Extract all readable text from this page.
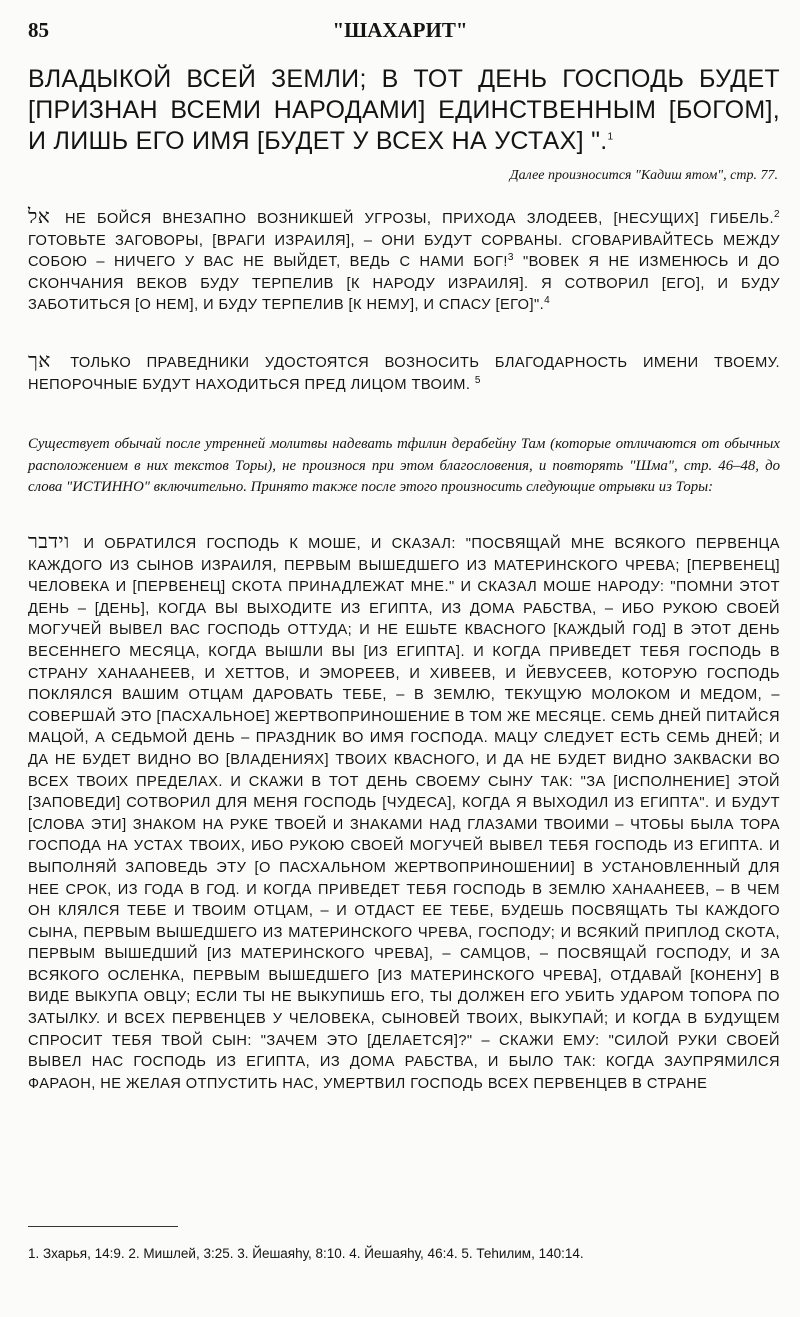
85	"ШАХАРИТ"

ВЛАДЫКОЙ ВСЕЙ ЗЕМЛИ; В ТОТ ДЕНЬ ГОСПОДЬ БУДЕТ [ПРИЗНАН ВСЕМИ НАРОДАМИ] ЕДИНСТВЕННЫМ [БОГОМ], И ЛИШЬ ЕГО ИМЯ [БУДЕТ У ВСЕХ НА УСТАХ] ".$^1$

Далее произносится "Кадиш ятом", стр. 77.

אל НЕ БОЙСЯ ВНЕЗАПНО ВОЗНИКШЕЙ УГРОЗЫ, ПРИХОДА ЗЛОДЕЕВ, [НЕСУЩИХ] ГИБЕЛЬ.$^2$ ГОТОВЬТЕ ЗАГОВОРЫ, [ВРАГИ ИЗРАИЛЯ], – ОНИ БУДУТ СОРВАНЫ. СГОВАРИВАЙТЕСЬ МЕЖДУ СОБОЮ – НИЧЕГО У ВАС НЕ ВЫЙДЕТ, ВЕДЬ С НАМИ БОГ!$^3$ "ВОВЕК Я НЕ ИЗМЕНЮСЬ И ДО СКОНЧАНИЯ ВЕКОВ БУДУ ТЕРПЕЛИВ [К НАРОДУ ИЗРАИЛЯ]. Я СОТВОРИЛ [ЕГО], И БУДУ ЗАБОТИТЬСЯ [О НЕМ], И БУДУ ТЕРПЕЛИВ [К НЕМУ], И СПАСУ [ЕГО]".$^4$

אך ТОЛЬКО ПРАВЕДНИКИ УДОСТОЯТСЯ ВОЗНОСИТЬ БЛАГОДАРНОСТЬ ИМЕНИ ТВОЕМУ. НЕПОРОЧНЫЕ БУДУТ НАХОДИТЬСЯ ПРЕД ЛИЦОМ ТВОИМ. $^5$

Существует обычай после утренней молитвы надевать тфилин дерабейну Там (которые отличаются от обычных расположением в них текстов Торы), не произнося при этом благословения, и повторять "Шма", стр. 46–48, до слова "ИСТИННО" включительно. Принято также после этого произносить следующие отрывки из Торы:

וידבר И ОБРАТИЛСЯ ГОСПОДЬ К МОШЕ, И СКАЗАЛ: "ПОСВЯЩАЙ МНЕ ВСЯКОГО ПЕРВЕНЦА КАЖДОГО ИЗ СЫНОВ ИЗРАИЛЯ, ПЕРВЫМ ВЫШЕДШЕГО ИЗ МАТЕРИНСКОГО ЧРЕВА; [ПЕРВЕНЕЦ] ЧЕЛОВЕКА И [ПЕРВЕНЕЦ] СКОТА ПРИНАДЛЕЖАТ МНЕ." И СКАЗАЛ МОШЕ НАРОДУ: "ПОМНИ ЭТОТ ДЕНЬ – [ДЕНЬ], КОГДА ВЫ ВЫХОДИТЕ ИЗ ЕГИПТА, ИЗ ДОМА РАБСТВА, – ИБО РУКОЮ СВОЕЙ МОГУЧЕЙ ВЫВЕЛ ВАС ГОСПОДЬ ОТТУДА; И НЕ ЕШЬТЕ КВАСНОГО [КАЖДЫЙ ГОД] В ЭТОТ ДЕНЬ ВЕСЕННЕГО МЕСЯЦА, КОГДА ВЫШЛИ ВЫ [ИЗ ЕГИПТА]. И КОГДА ПРИВЕДЕТ ТЕБЯ ГОСПОДЬ В СТРАНУ ХАНААНЕЕВ, И ХЕТТОВ, И ЭМОРЕЕВ, И ХИВЕЕВ, И ЙЕВУСЕЕВ, КОТОРУЮ ГОСПОДЬ ПОКЛЯЛСЯ ВАШИМ ОТЦАМ ДАРОВАТЬ ТЕБЕ, – В ЗЕМЛЮ, ТЕКУЩУЮ МОЛОКОМ И МЕДОМ, – СОВЕРШАЙ ЭТО [ПАСХАЛЬНОЕ] ЖЕРТВОПРИНОШЕНИЕ В ТОМ ЖЕ МЕСЯЦЕ. СЕМЬ ДНЕЙ ПИТАЙСЯ МАЦОЙ, А СЕДЬМОЙ ДЕНЬ – ПРАЗДНИК ВО ИМЯ ГОСПОДА. МАЦУ СЛЕДУЕТ ЕСТЬ СЕМЬ ДНЕЙ; И ДА НЕ БУДЕТ ВИДНО ВО [ВЛАДЕНИЯХ] ТВОИХ КВАСНОГО, И ДА НЕ БУДЕТ ВИДНО ЗАКВАСКИ ВО ВСЕХ ТВОИХ ПРЕДЕЛАХ. И СКАЖИ В ТОТ ДЕНЬ СВОЕМУ СЫНУ ТАК: "ЗА [ИСПОЛНЕНИЕ] ЭТОЙ [ЗАПОВЕДИ] СОТВОРИЛ ДЛЯ МЕНЯ ГОСПОДЬ [ЧУДЕСА], КОГДА Я ВЫХОДИЛ ИЗ ЕГИПТА". И БУДУТ [СЛОВА ЭТИ] ЗНАКОМ НА РУКЕ ТВОЕЙ И ЗНАКАМИ НАД ГЛАЗАМИ ТВОИМИ – ЧТОБЫ БЫЛА ТОРА ГОСПОДА НА УСТАХ ТВОИХ, ИБО РУКОЮ СВОЕЙ МОГУЧЕЙ ВЫВЕЛ ТЕБЯ ГОСПОДЬ ИЗ ЕГИПТА. И ВЫПОЛНЯЙ ЗАПОВЕДЬ ЭТУ [О ПАСХАЛЬНОМ ЖЕРТВОПРИНОШЕНИИ] В УСТАНОВЛЕННЫЙ ДЛЯ НЕЕ СРОК, ИЗ ГОДА В ГОД. И КОГДА ПРИВЕДЕТ ТЕБЯ ГОСПОДЬ В ЗЕМЛЮ ХАНААНЕЕВ, – В ЧЕМ ОН КЛЯЛСЯ ТЕБЕ И ТВОИМ ОТЦАМ, – И ОТДАСТ ЕЕ ТЕБЕ, БУДЕШЬ ПОСВЯЩАТЬ ТЫ КАЖДОГО СЫНА, ПЕРВЫМ ВЫШЕДШЕГО ИЗ МАТЕРИНСКОГО ЧРЕВА, ГОСПОДУ; И ВСЯКИЙ ПРИПЛОД СКОТА, ПЕРВЫМ ВЫШЕДШИЙ [ИЗ МАТЕРИНСКОГО ЧРЕВА], – САМЦОВ, – ПОСВЯЩАЙ ГОСПОДУ, И ЗА ВСЯКОГО ОСЛЕНКА, ПЕРВЫМ ВЫШЕДШЕГО [ИЗ МАТЕРИНСКОГО ЧРЕВА], ОТДАВАЙ [КОHЕНУ] В ВИДЕ ВЫКУПА ОВЦУ; ЕСЛИ ТЫ НЕ ВЫКУПИШЬ ЕГО, ТЫ ДОЛЖЕН ЕГО УБИТЬ УДАРОМ ТОПОРА ПО ЗАТЫЛКУ. И ВСЕХ ПЕРВЕНЦЕВ У ЧЕЛОВЕКА, СЫНОВЕЙ ТВОИХ, ВЫКУПАЙ; И КОГДА В БУДУЩЕМ СПРОСИТ ТЕБЯ ТВОЙ СЫН: "ЗАЧЕМ ЭТО [ДЕЛАЕТСЯ]?" – СКАЖИ ЕМУ: "СИЛОЙ РУКИ СВОЕЙ ВЫВЕЛ НАС ГОСПОДЬ ИЗ ЕГИПТА, ИЗ ДОМА РАБСТВА, И БЫЛО ТАК: КОГДА ЗАУПРЯМИЛСЯ ФАРАОН, НЕ ЖЕЛАЯ ОТПУСТИТЬ НАС, УМЕРТВИЛ ГОСПОДЬ ВСЕХ ПЕРВЕНЦЕВ В СТРАНЕ

1. Зхарья, 14:9. 2. Мишлей, 3:25. 3. Йешаяhу, 8:10. 4. Йешаяhу, 46:4. 5. Теhилим, 140:14.
